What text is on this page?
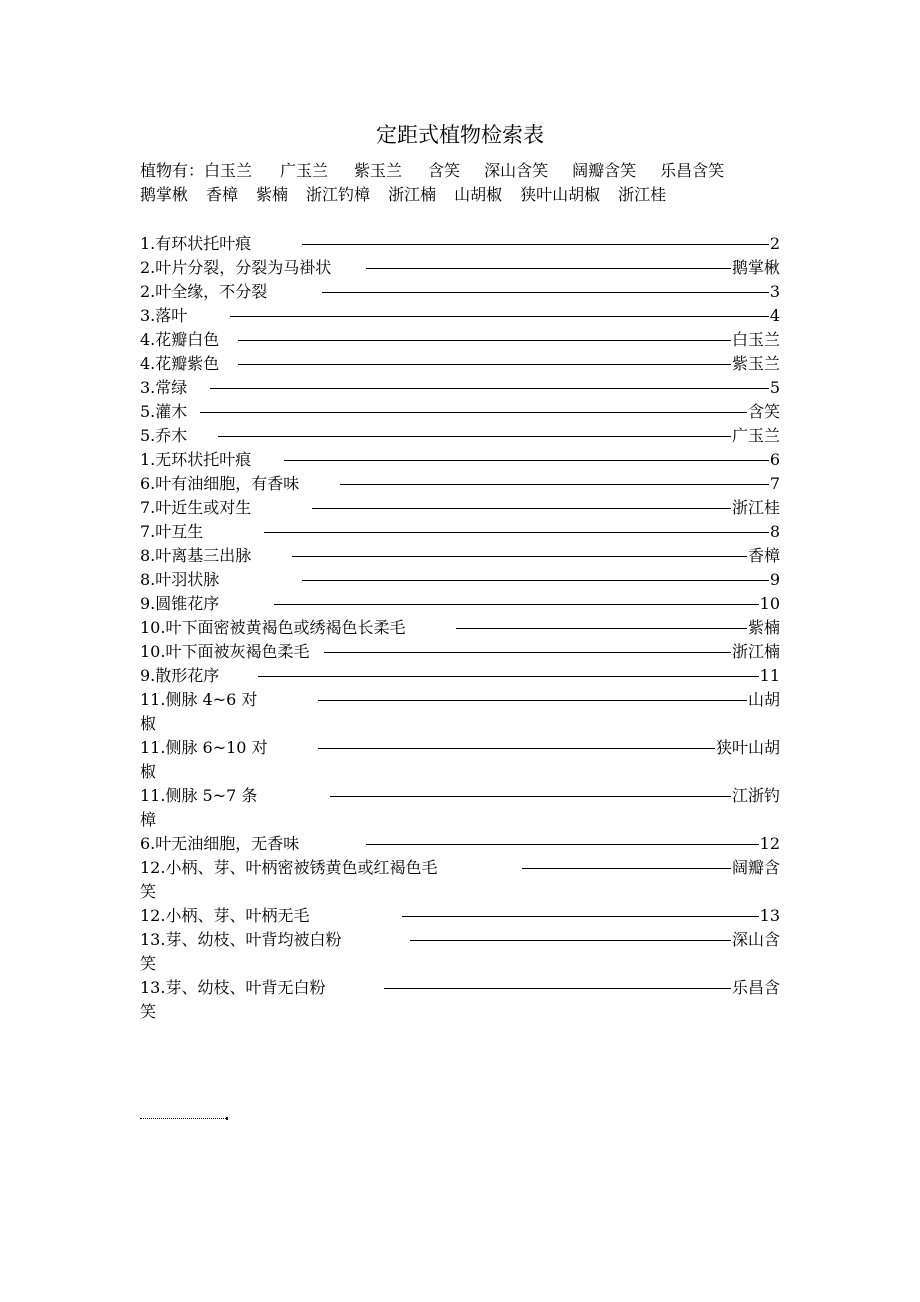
定距式植物检索表
植物有：白玉兰 广玉兰 紫玉兰 含笑 深山含笑 阔瓣含笑 乐昌含笑
鹅掌楸 香樟 紫楠 浙江钓樟 浙江楠 山胡椒 狭叶山胡椒 浙江桂
1.有环状托叶痕	2
2.叶片分裂，分裂为马褂状	鹅掌楸
2.叶全缘，不分裂	3
3.落叶	4
4.花瓣白色	白玉兰
4.花瓣紫色	紫玉兰
3.常绿	5
5.灌木	含笑
5.乔木	广玉兰
1.无环状托叶痕	6
6.叶有油细胞，有香味	7
7.叶近生或对生	浙江桂
7.叶互生	8
8.叶离基三出脉	香樟
8.叶羽状脉	9
9.圆锥花序	10
10.叶下面密被黄褐色或绣褐色长柔毛	紫楠
10.叶下面被灰褐色柔毛	浙江楠
9.散形花序	11
11.侧脉 4~6 对	山胡
椒
11.侧脉 6~10 对	狭叶山胡
椒
11.侧脉 5~7 条	江浙钓
樟
6.叶无油细胞，无香味	12
12.小柄、芽、叶柄密被锈黄色或红褐色毛	阔瓣含
笑
12.小柄、芽、叶柄无毛	13
13.芽、幼枝、叶背均被白粉	深山含
笑
13.芽、幼枝、叶背无白粉	乐昌含
笑
